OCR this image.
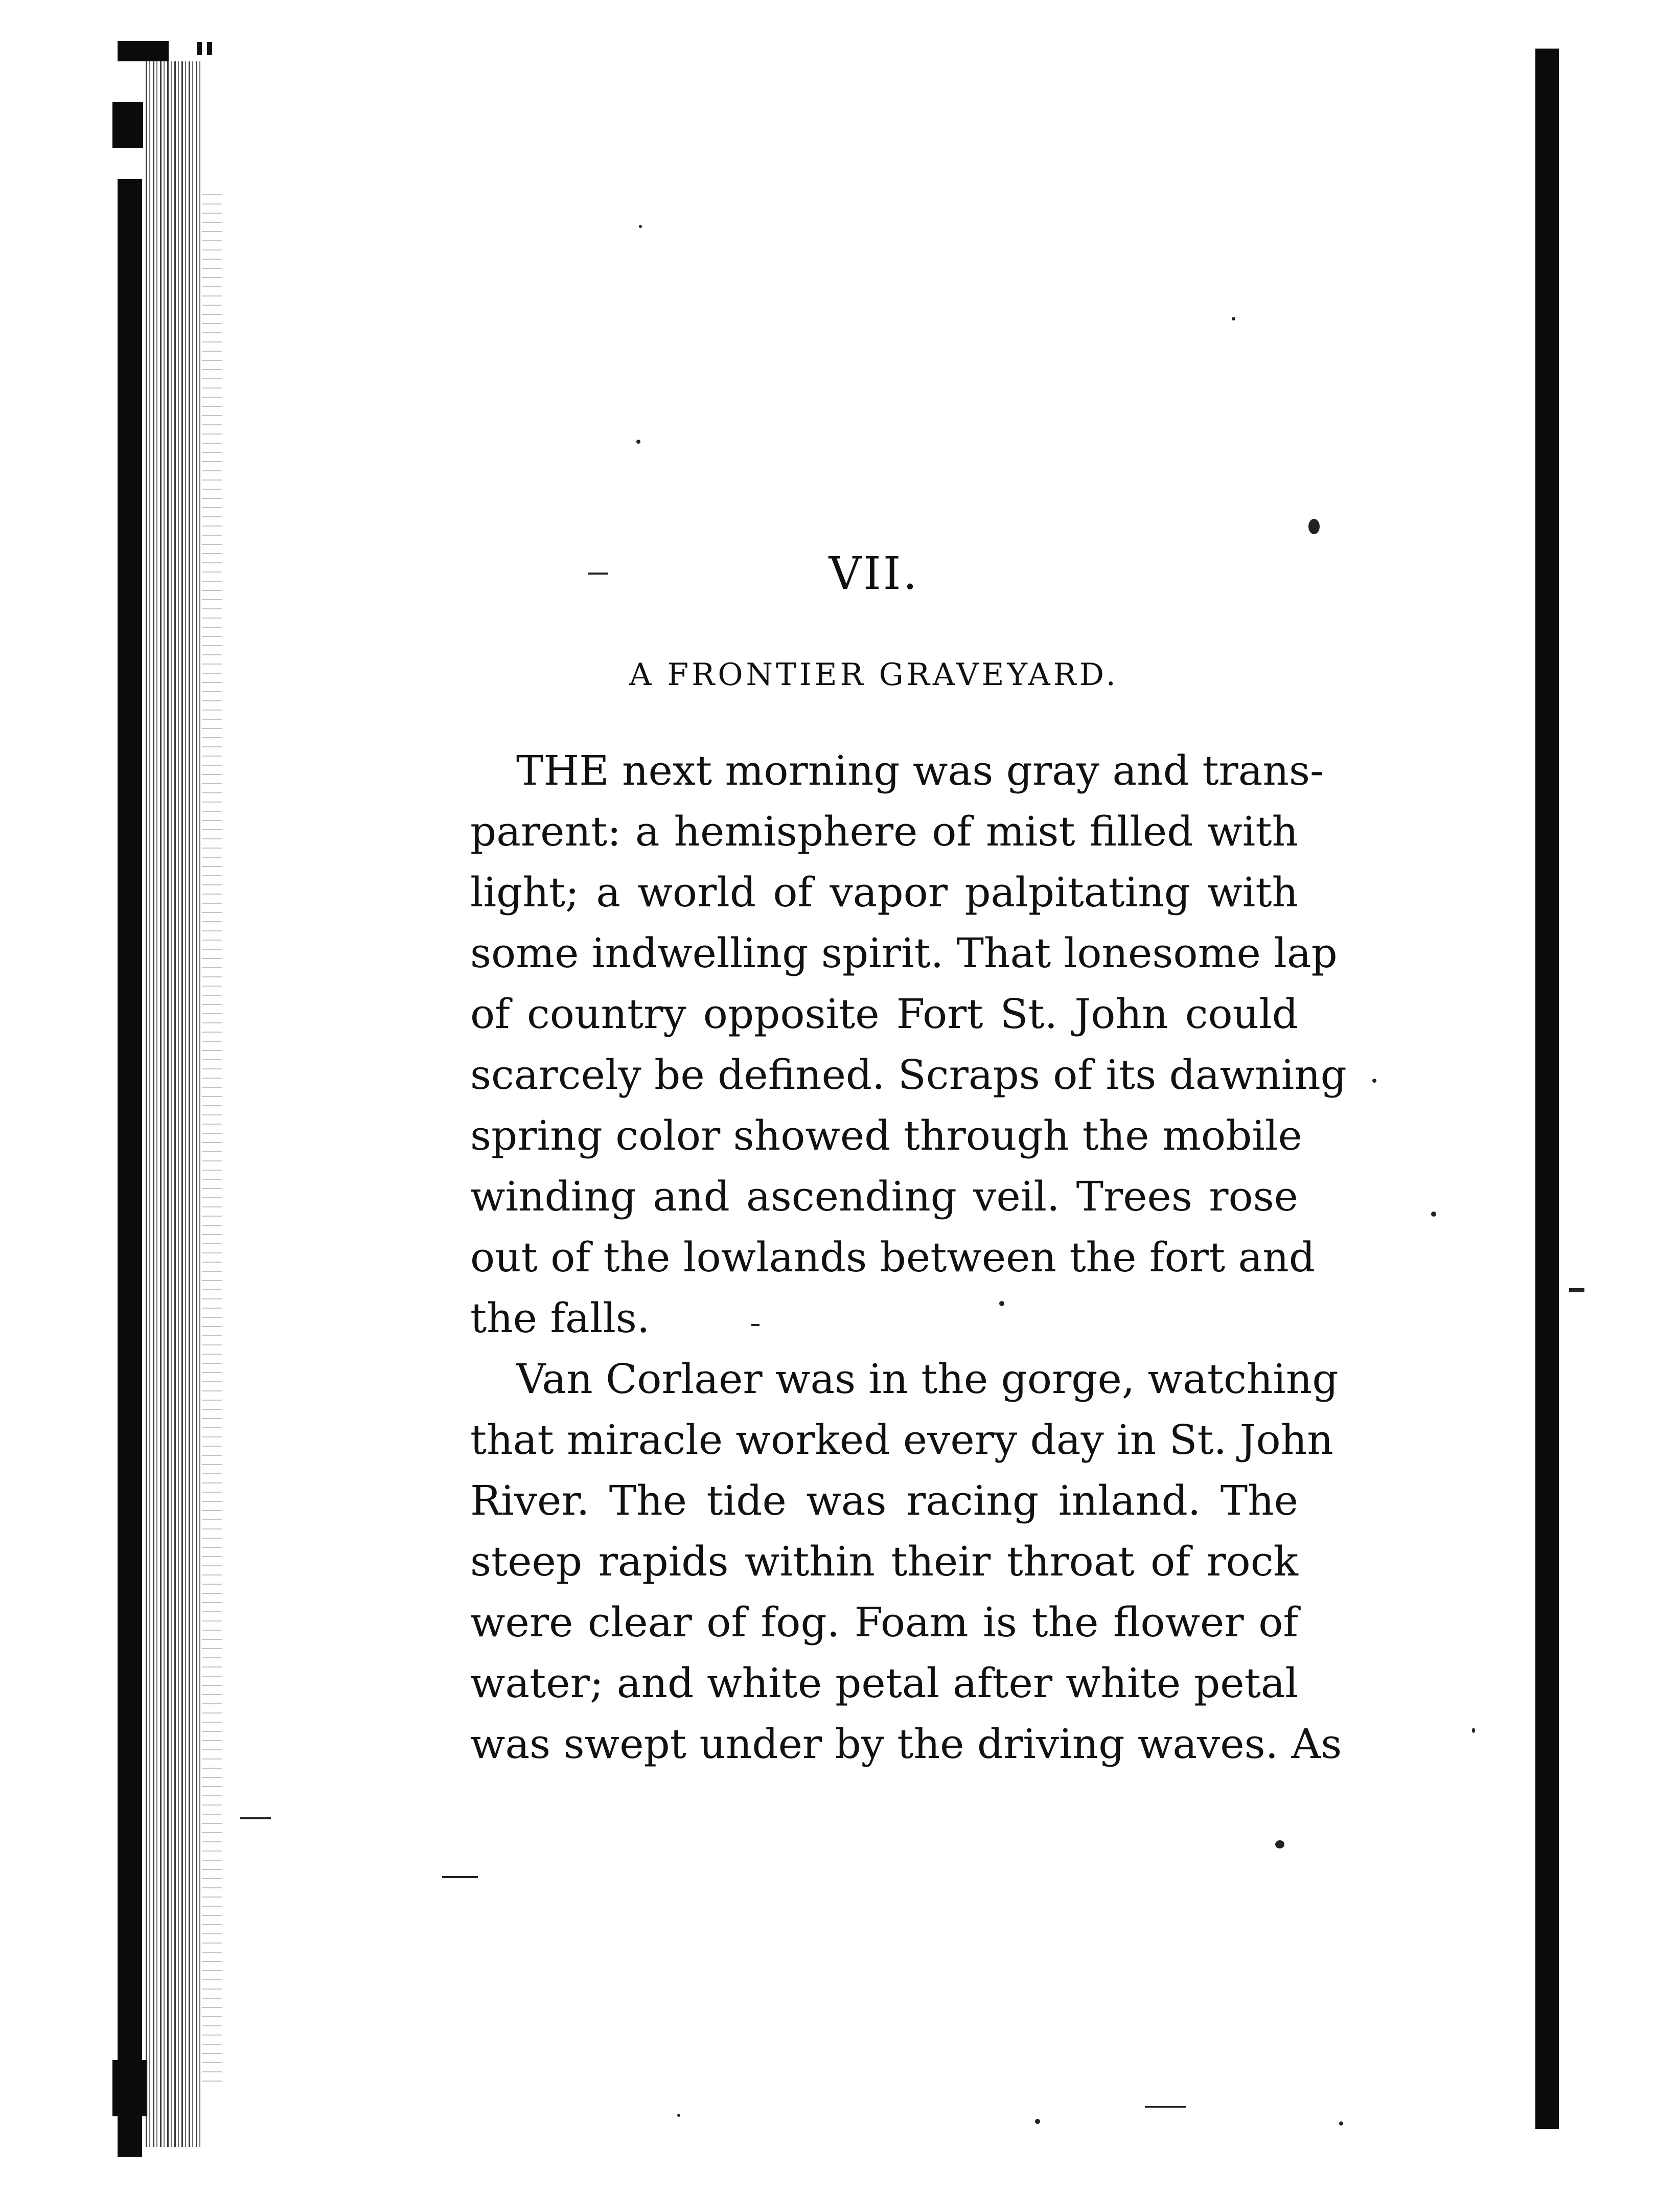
VII.
A FRONTIER GRAVEYARD.
THE next morning was gray and trans-
parent: a hemisphere of mist filled with
light; a world of vapor palpitating with
some indwelling spirit. That lonesome lap
of country opposite Fort St. John could
scarcely be defined. Scraps of its dawning
spring color showed through the mobile
winding and ascending veil. Trees rose
out of the lowlands between the fort and
the falls.
Van Corlaer was in the gorge, watching
that miracle worked every day in St. John
River. The tide was racing inland. The
steep rapids within their throat of rock
were clear of fog. Foam is the flower of
water; and white petal after white petal
was swept under by the driving waves. As
